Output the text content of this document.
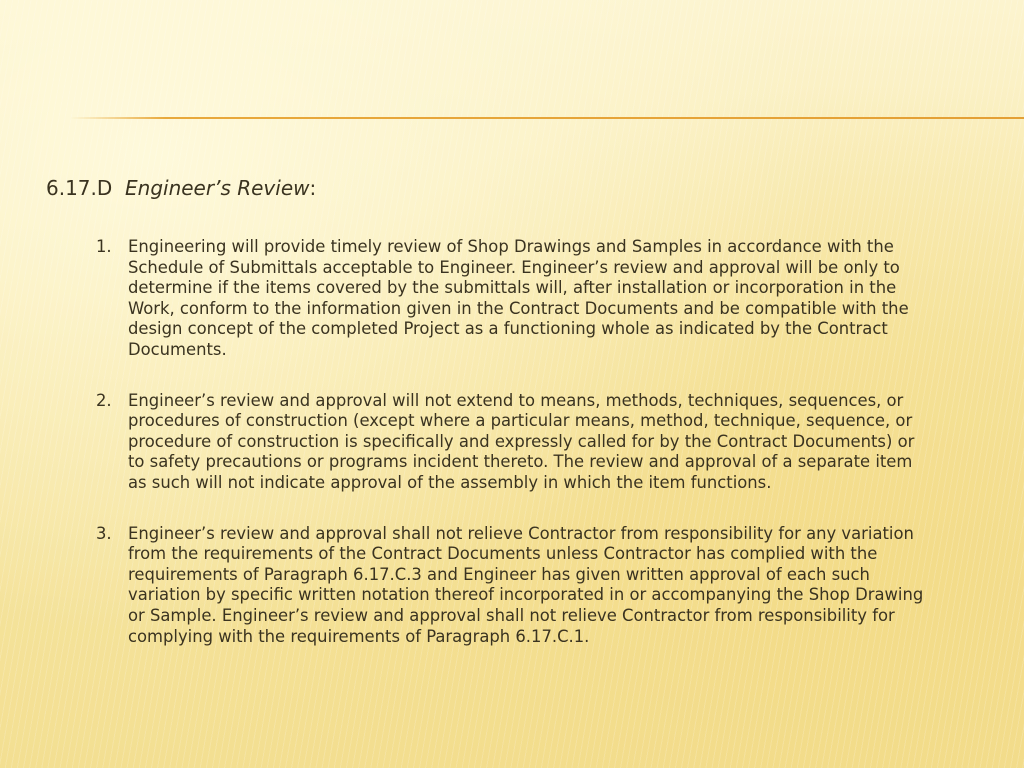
6.17.D Engineer’s Review:
1. Engineering will provide timely review of Shop Drawings and Samples in accordance with the
Schedule of Submittals acceptable to Engineer. Engineer’s review and approval will be only to
determine if the items covered by the submittals will, after installation or incorporation in the
Work, conform to the information given in the Contract Documents and be compatible with the
design concept of the completed Project as a functioning whole as indicated by the Contract
Documents.
2. Engineer’s review and approval will not extend to means, methods, techniques, sequences, or
procedures of construction (except where a particular means, method, technique, sequence, or
procedure of construction is specifically and expressly called for by the Contract Documents) or
to safety precautions or programs incident thereto. The review and approval of a separate item
as such will not indicate approval of the assembly in which the item functions.
3. Engineer’s review and approval shall not relieve Contractor from responsibility for any variation
from the requirements of the Contract Documents unless Contractor has complied with the
requirements of Paragraph 6.17.C.3 and Engineer has given written approval of each such
variation by specific written notation thereof incorporated in or accompanying the Shop Drawing
or Sample. Engineer’s review and approval shall not relieve Contractor from responsibility for
complying with the requirements of Paragraph 6.17.C.1.
